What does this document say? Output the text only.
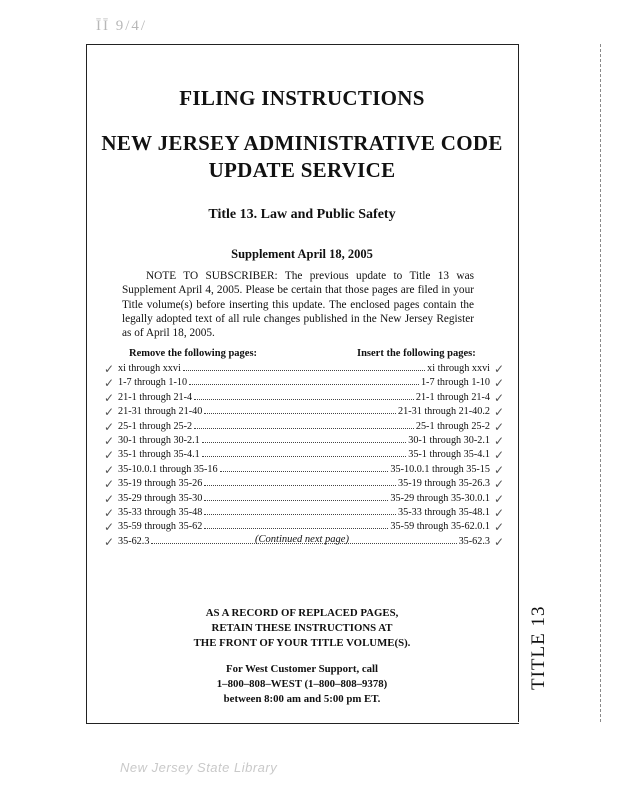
ĪĪ 9/4/
TITLE 13
FILING INSTRUCTIONS
NEW JERSEY ADMINISTRATIVE CODE
UPDATE SERVICE
Title 13. Law and Public Safety
Supplement April 18, 2005
NOTE TO SUBSCRIBER: The previous update to Title 13 was Supplement April 4, 2005. Please be certain that those pages are filed in your Title volume(s) before inserting this update. The enclosed pages contain the legally adopted text of all rule changes published in the New Jersey Register as of April 18, 2005.
Remove the following pages:	Insert the following pages:
✓ xi through xxvi	xi through xxvi ✓
✓ 1-7 through 1-10	1-7 through 1-10 ✓
✓ 21-1 through 21-4	21-1 through 21-4 ✓
✓ 21-31 through 21-40	21-31 through 21-40.2 ✓
✓ 25-1 through 25-2	25-1 through 25-2 ✓
✓ 30-1 through 30-2.1	30-1 through 30-2.1 ✓
✓ 35-1 through 35-4.1	35-1 through 35-4.1 ✓
✓ 35-10.0.1 through 35-16	35-10.0.1 through 35-15 ✓
✓ 35-19 through 35-26	35-19 through 35-26.3 ✓
✓ 35-29 through 35-30	35-29 through 35-30.0.1 ✓
✓ 35-33 through 35-48	35-33 through 35-48.1 ✓
✓ 35-59 through 35-62	35-59 through 35-62.0.1 ✓
✓ 35-62.3	35-62.3 ✓
(Continued next page)
AS A RECORD OF REPLACED PAGES,
RETAIN THESE INSTRUCTIONS AT
THE FRONT OF YOUR TITLE VOLUME(S).
For West Customer Support, call
1–800–808–WEST (1–800–808–9378)
between 8:00 am and 5:00 pm ET.
New Jersey State Library
